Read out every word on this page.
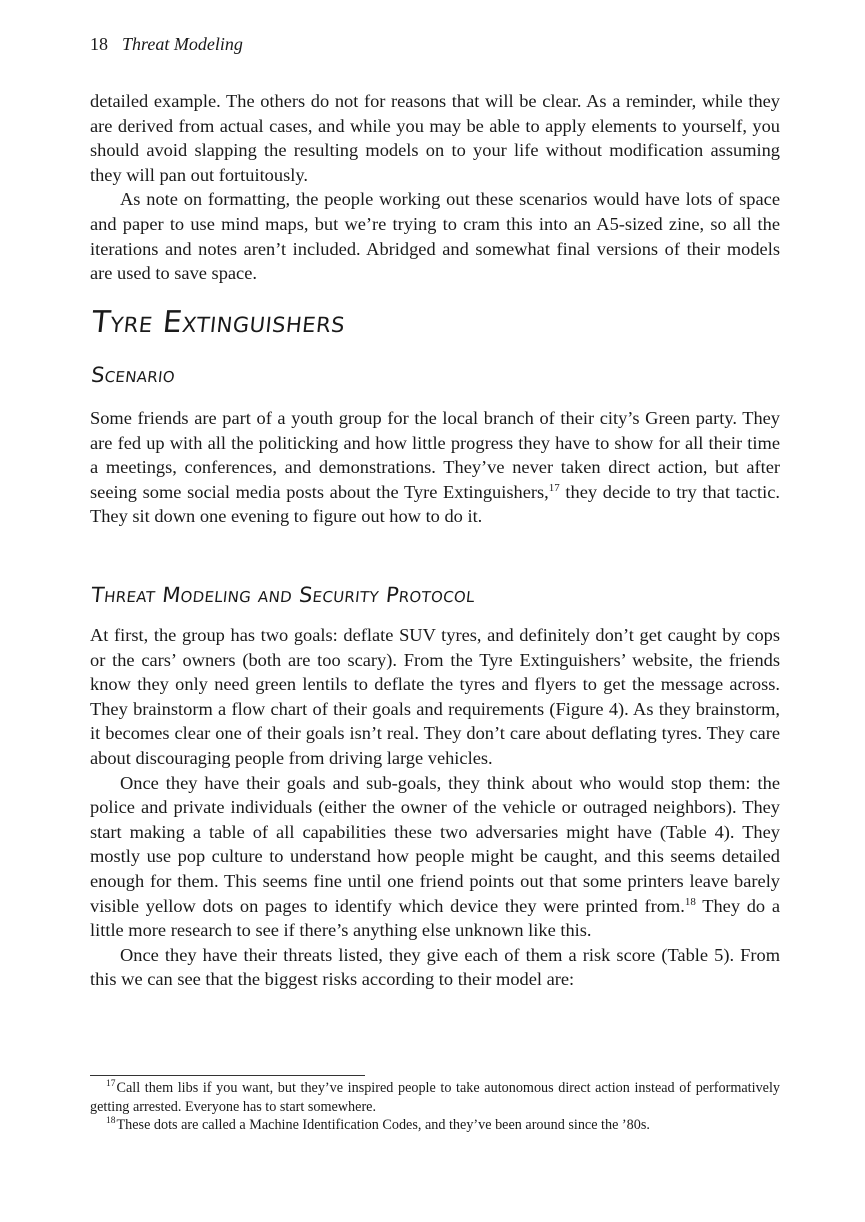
18 Threat Modeling

detailed example. The others do not for reasons that will be clear. As a reminder, while they are derived from actual cases, and while you may be able to apply elements to yourself, you should avoid slapping the resulting models on to your life without modification assuming they will pan out fortuitously.

As note on formatting, the people working out these scenarios would have lots of space and paper to use mind maps, but we’re trying to cram this into an A5-sized zine, so all the iterations and notes aren’t included. Abridged and somewhat final versions of their models are used to save space.

Tyre Extinguishers
Scenario

Some friends are part of a youth group for the local branch of their city’s Green party. They are fed up with all the politicking and how little progress they have to show for all their time a meetings, conferences, and demonstrations. They’ve never taken direct action, but after seeing some social media posts about the Tyre Extinguishers,$^{17}$ they decide to try that tactic. They sit down one evening to figure out how to do it.

Threat Modeling and Security Protocol

At first, the group has two goals: deflate SUV tyres, and definitely don’t get caught by cops or the cars’ owners (both are too scary). From the Tyre Extinguishers’ website, the friends know they only need green lentils to deflate the tyres and flyers to get the message across. They brainstorm a flow chart of their goals and requirements (Figure 4). As they brainstorm, it becomes clear one of their goals isn’t real. They don’t care about deflating tyres. They care about discouraging people from driving large vehicles.

Once they have their goals and sub-goals, they think about who would stop them: the police and private individuals (either the owner of the vehicle or outraged neighbors). They start making a table of all capabilities these two adversaries might have (Table 4). They mostly use pop culture to understand how people might be caught, and this seems detailed enough for them. This seems fine until one friend points out that some printers leave barely visible yellow dots on pages to identify which device they were printed from.$^{18}$ They do a little more research to see if there’s anything else unknown like this.

Once they have their threats listed, they give each of them a risk score (Table 5). From this we can see that the biggest risks according to their model are:

$^{17}$Call them libs if you want, but they’ve inspired people to take autonomous direct action instead of performatively getting arrested. Everyone has to start somewhere.

$^{18}$These dots are called a Machine Identification Codes, and they’ve been around since the ’80s.
